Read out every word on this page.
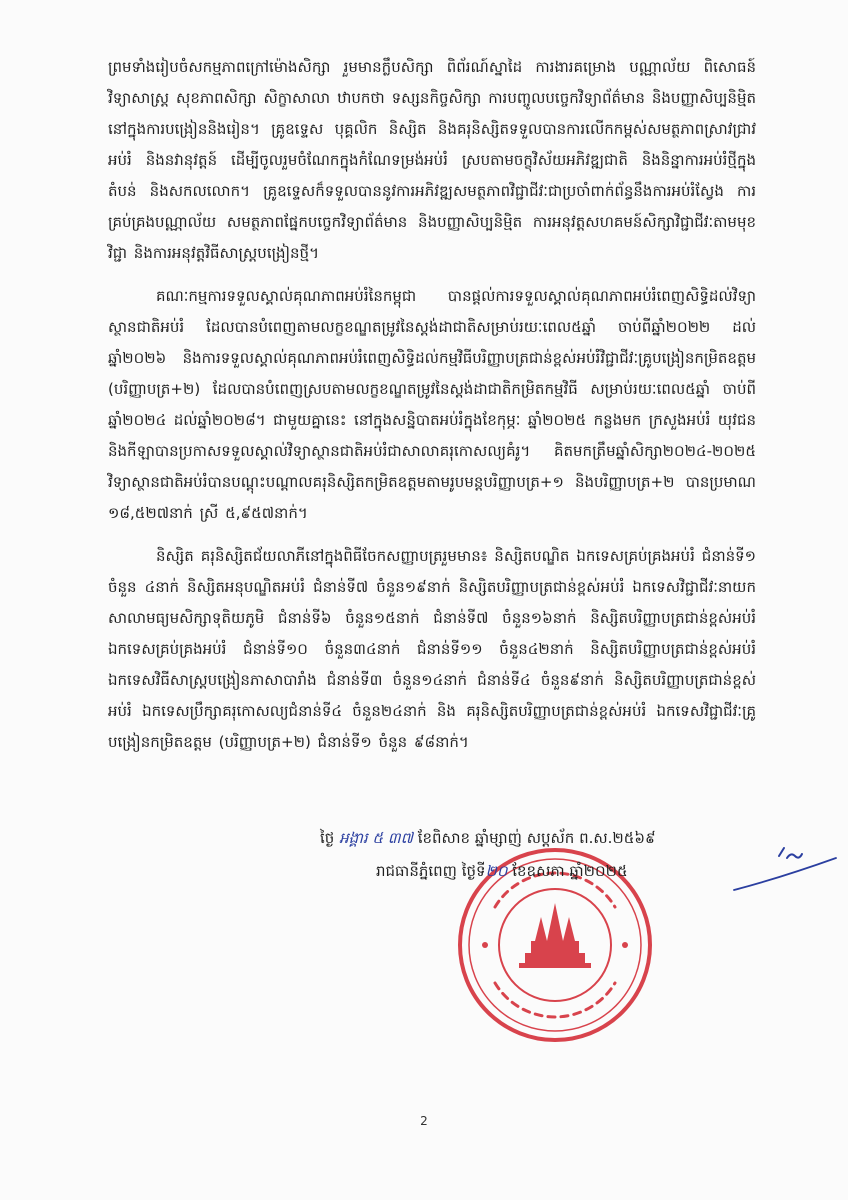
ព្រមទាំងរៀបចំសកម្មភាពក្រៅម៉ោងសិក្សា រួមមានក្លឹបសិក្សា ពិព័រណ៍ស្នាដៃ ការងារគម្រោង បណ្ណាល័យ ពិសោធន៍វិទ្យាសាស្ត្រ សុខភាពសិក្សា សិក្ខាសាលា ឋាបកថា ទស្សនកិច្ចសិក្សា ការបញ្ចូលបច្ចេកវិទ្យាព័ត៌មាន និងបញ្ញាសិប្បនិម្មិតនៅក្នុងការបង្រៀននិងរៀន។ គ្រូឧទ្ទេស បុគ្គលិក និស្សិត និងគរុនិស្សិតទទួលបានការលើកកម្ពស់សមត្ថភាពស្រាវជ្រាវអប់រំ និងនវានុវត្តន៍ ដើម្បីចូលរួមចំណែកក្នុងកំណែទម្រង់អប់រំ ស្របតាមចក្ខុវិស័យអភិវឌ្ឍជាតិ និងនិន្នាការអប់រំថ្មីក្នុងតំបន់ និងសកលលោក។ គ្រូឧទ្ទេសក៏ទទួលបាននូវការអភិវឌ្ឍសមត្ថភាពវិជ្ជាជីវៈជាប្រចាំពាក់ព័ន្ធនឹងការអប់រំស្វែង ការគ្រប់គ្រងបណ្ណាល័យ សមត្ថភាពផ្នែកបច្ចេកវិទ្យាព័ត៌មាន និងបញ្ញាសិប្បនិម្មិត ការអនុវត្តសហគមន៍សិក្សាវិជ្ជាជីវៈតាមមុខវិជ្ជា និងការអនុវត្តវិធីសាស្ត្របង្រៀនថ្មី។

គណៈកម្មការទទួលស្គាល់គុណភាពអប់រំនៃកម្ពុជា បានផ្តល់ការទទួលស្គាល់គុណភាពអប់រំពេញសិទ្ធិដល់វិទ្យាស្ថានជាតិអប់រំ ដែលបានបំពេញតាមលក្ខខណ្ឌតម្រូវនៃស្តង់ដាជាតិសម្រាប់រយៈពេល៥ឆ្នាំ ចាប់ពីឆ្នាំ២០២២ ដល់ឆ្នាំ២០២៦ និងការទទួលស្គាល់គុណភាពអប់រំពេញសិទ្ធិដល់កម្មវិធីបរិញ្ញាបត្រជាន់ខ្ពស់អប់រំវិជ្ជាជីវៈគ្រូបង្រៀនកម្រិតឧត្តម (បរិញ្ញាបត្រ+២) ដែលបានបំពេញស្របតាមលក្ខខណ្ឌតម្រូវនៃស្តង់ដាជាតិកម្រិតកម្មវិធី សម្រាប់រយៈពេល៥ឆ្នាំ ចាប់ពីឆ្នាំ២០២៤ ដល់ឆ្នាំ២០២៨។ ជាមួយគ្នានេះ នៅក្នុងសន្និបាតអប់រំក្នុងខែកុម្ភៈ ឆ្នាំ២០២៥ កន្លងមក ក្រសួងអប់រំ យុវជន និងកីឡាបានប្រកាសទទួលស្គាល់វិទ្យាស្ថានជាតិអប់រំជាសាលាគរុកោសល្យគំរូ។ គិតមកត្រឹមឆ្នាំសិក្សា២០២៤-២០២៥ វិទ្យាស្ថានជាតិអប់រំបានបណ្តុះបណ្តាលគរុនិស្សិតកម្រិតឧត្តមតាមរូបមន្តបរិញ្ញាបត្រ+១ និងបរិញ្ញាបត្រ+២ បានប្រមាណ ១៨,៥២៧នាក់ ស្រី ៥,៩៥៧នាក់។

និស្សិត គរុនិស្សិតជ័យលាភីនៅក្នុងពិធីចែកសញ្ញាបត្ររួមមាន៖ និស្សិតបណ្ឌិត ឯកទេសគ្រប់គ្រងអប់រំ ជំនាន់ទី១ ចំនួន ៤នាក់ និស្សិតអនុបណ្ឌិតអប់រំ ជំនាន់ទី៧ ចំនួន១៩នាក់ និស្សិតបរិញ្ញាបត្រជាន់ខ្ពស់អប់រំ ឯកទេសវិជ្ជាជីវៈនាយកសាលាមធ្យមសិក្សាទុតិយភូមិ ជំនាន់ទី៦ ចំនួន១៥នាក់ ជំនាន់ទី៧ ចំនួន១៦នាក់ និស្សិតបរិញ្ញាបត្រជាន់ខ្ពស់អប់រំ ឯកទេសគ្រប់គ្រងអប់រំ ជំនាន់ទី១០ ចំនួន៣៤នាក់ ជំនាន់ទី១១ ចំនួន៤២នាក់ និស្សិតបរិញ្ញាបត្រជាន់ខ្ពស់អប់រំ ឯកទេសវិធីសាស្ត្របង្រៀនភាសាបារាំង ជំនាន់ទី៣ ចំនួន១៤នាក់ ជំនាន់ទី៤ ចំនួន៩នាក់ និស្សិតបរិញ្ញាបត្រជាន់ខ្ពស់អប់រំ ឯកទេសប្រឹក្សាគរុកោសល្យជំនាន់ទី៤ ចំនួន២៤នាក់ និង គរុនិស្សិតបរិញ្ញាបត្រជាន់ខ្ពស់អប់រំ ឯកទេសវិជ្ជាជីវៈគ្រូបង្រៀនកម្រិតឧត្តម (បរិញ្ញាបត្រ+២) ជំនាន់ទី១ ចំនួន ៩៨នាក់។

ថ្ងៃ អង្គារ ៥ ៣៧ ខែពិសាខ ឆ្នាំម្សាញ់ សប្តស័ក ព.ស.២៥៦៩
រាជធានីភ្នំពេញ ថ្ងៃទី២០ ខែឧសភា ឆ្នាំ២០២៥
2
